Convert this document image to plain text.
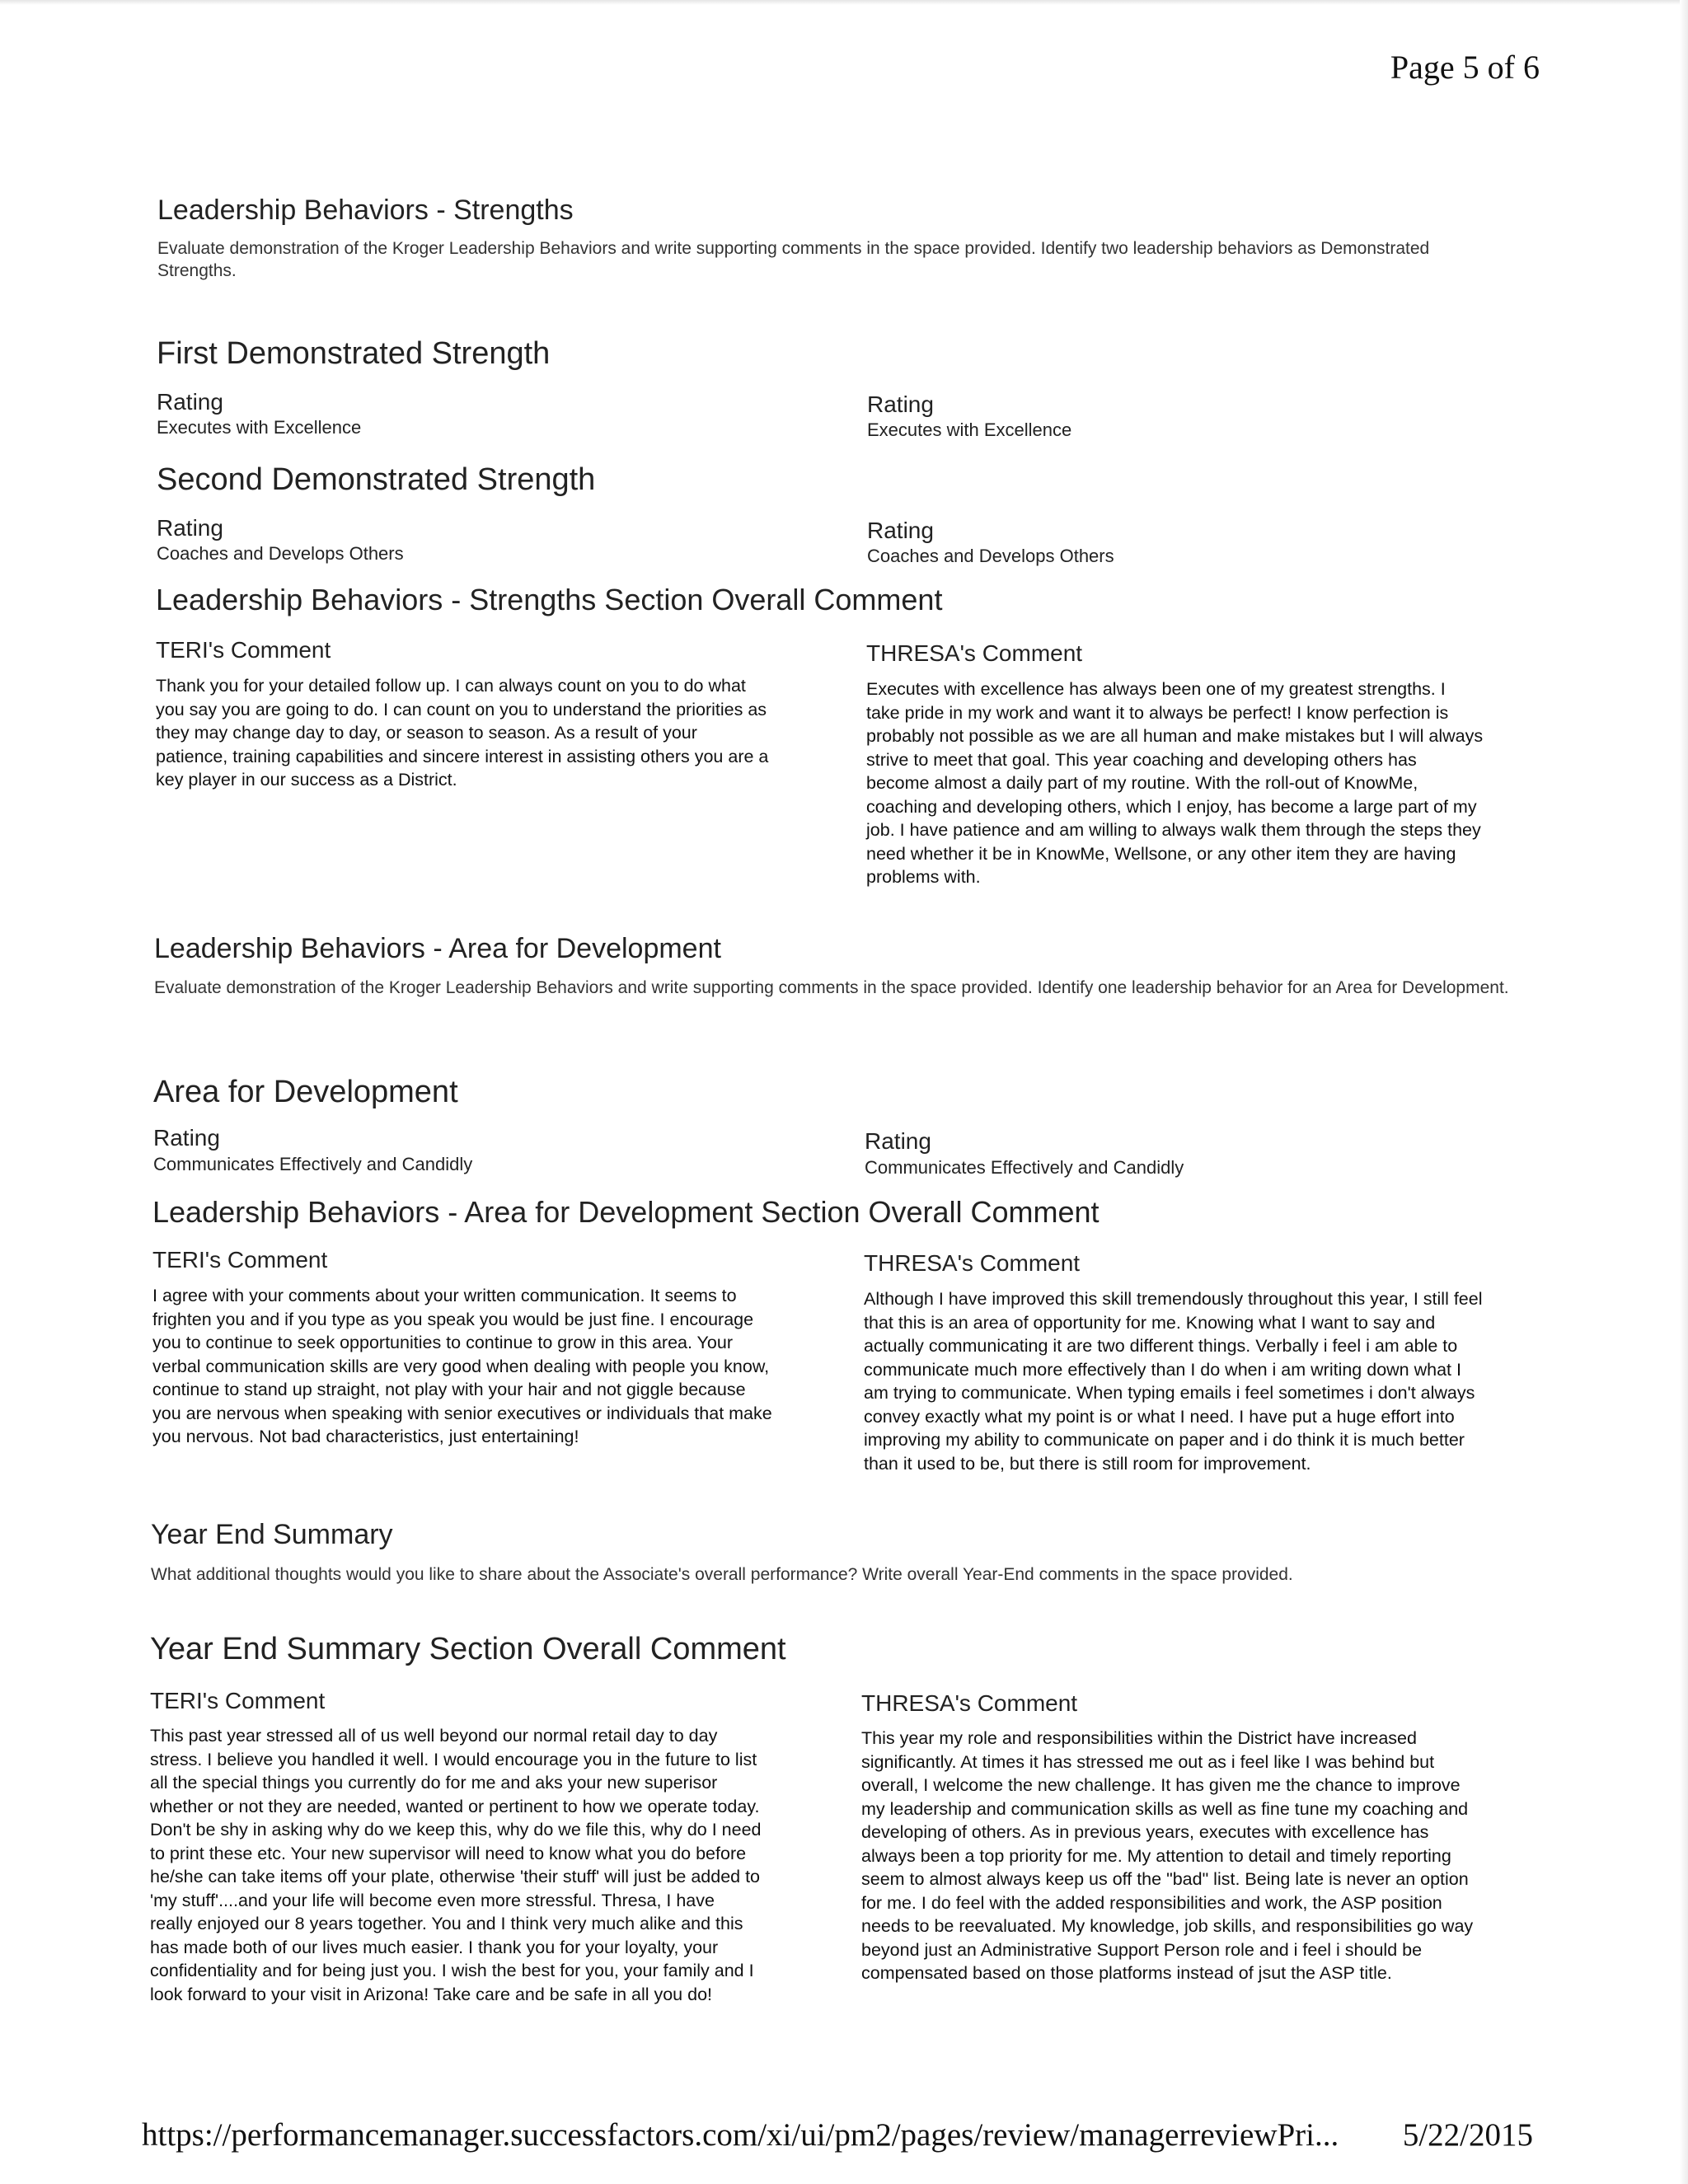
Page 5 of 6
Leadership Behaviors - Strengths
Evaluate demonstration of the Kroger Leadership Behaviors and write supporting comments in the space provided. Identify two leadership behaviors as Demonstrated Strengths.
First Demonstrated Strength
Rating
Executes with Excellence
Rating
Executes with Excellence
Second Demonstrated Strength
Rating
Coaches and Develops Others
Rating
Coaches and Develops Others
Leadership Behaviors - Strengths Section Overall Comment
TERI's Comment
Thank you for your detailed follow up. I can always count on you to do what
you say you are going to do. I can count on you to understand the priorities as
they may change day to day, or season to season. As a result of your
patience, training capabilities and sincere interest in assisting others you are a
key player in our success as a District.
THRESA's Comment
Executes with excellence has always been one of my greatest strengths. I
take pride in my work and want it to always be perfect! I know perfection is
probably not possible as we are all human and make mistakes but I will always
strive to meet that goal. This year coaching and developing others has
become almost a daily part of my routine. With the roll-out of KnowMe,
coaching and developing others, which I enjoy, has become a large part of my
job. I have patience and am willing to always walk them through the steps they
need whether it be in KnowMe, Wellsone, or any other item they are having
problems with.
Leadership Behaviors - Area for Development
Evaluate demonstration of the Kroger Leadership Behaviors and write supporting comments in the space provided. Identify one leadership behavior for an Area for Development.
Area for Development
Rating
Communicates Effectively and Candidly
Rating
Communicates Effectively and Candidly
Leadership Behaviors - Area for Development Section Overall Comment
TERI's Comment
I agree with your comments about your written communication. It seems to
frighten you and if you type as you speak you would be just fine. I encourage
you to continue to seek opportunities to continue to grow in this area. Your
verbal communication skills are very good when dealing with people you know,
continue to stand up straight, not play with your hair and not giggle because
you are nervous when speaking with senior executives or individuals that make
you nervous. Not bad characteristics, just entertaining!
THRESA's Comment
Although I have improved this skill tremendously throughout this year, I still feel
that this is an area of opportunity for me. Knowing what I want to say and
actually communicating it are two different things. Verbally i feel i am able to
communicate much more effectively than I do when i am writing down what I
am trying to communicate. When typing emails i feel sometimes i don't always
convey exactly what my point is or what I need. I have put a huge effort into
improving my ability to communicate on paper and i do think it is much better
than it used to be, but there is still room for improvement.
Year End Summary
What additional thoughts would you like to share about the Associate's overall performance? Write overall Year-End comments in the space provided.
Year End Summary Section Overall Comment
TERI's Comment
This past year stressed all of us well beyond our normal retail day to day
stress. I believe you handled it well. I would encourage you in the future to list
all the special things you currently do for me and aks your new superisor
whether or not they are needed, wanted or pertinent to how we operate today.
Don't be shy in asking why do we keep this, why do we file this, why do I need
to print these etc. Your new supervisor will need to know what you do before
he/she can take items off your plate, otherwise 'their stuff' will just be added to
'my stuff'....and your life will become even more stressful. Thresa, I have
really enjoyed our 8 years together. You and I think very much alike and this
has made both of our lives much easier. I thank you for your loyalty, your
confidentiality and for being just you. I wish the best for you, your family and I
look forward to your visit in Arizona! Take care and be safe in all you do!
THRESA's Comment
This year my role and responsibilities within the District have increased
significantly. At times it has stressed me out as i feel like I was behind but
overall, I welcome the new challenge. It has given me the chance to improve
my leadership and communication skills as well as fine tune my coaching and
developing of others. As in previous years, executes with excellence has
always been a top priority for me. My attention to detail and timely reporting
seem to almost always keep us off the "bad" list. Being late is never an option
for me. I do feel with the added responsibilities and work, the ASP position
needs to be reevaluated. My knowledge, job skills, and responsibilities go way
beyond just an Administrative Support Person role and i feel i should be
compensated based on those platforms instead of jsut the ASP title.
https://performancemanager.successfactors.com/xi/ui/pm2/pages/review/managerreviewPri... 5/22/2015
